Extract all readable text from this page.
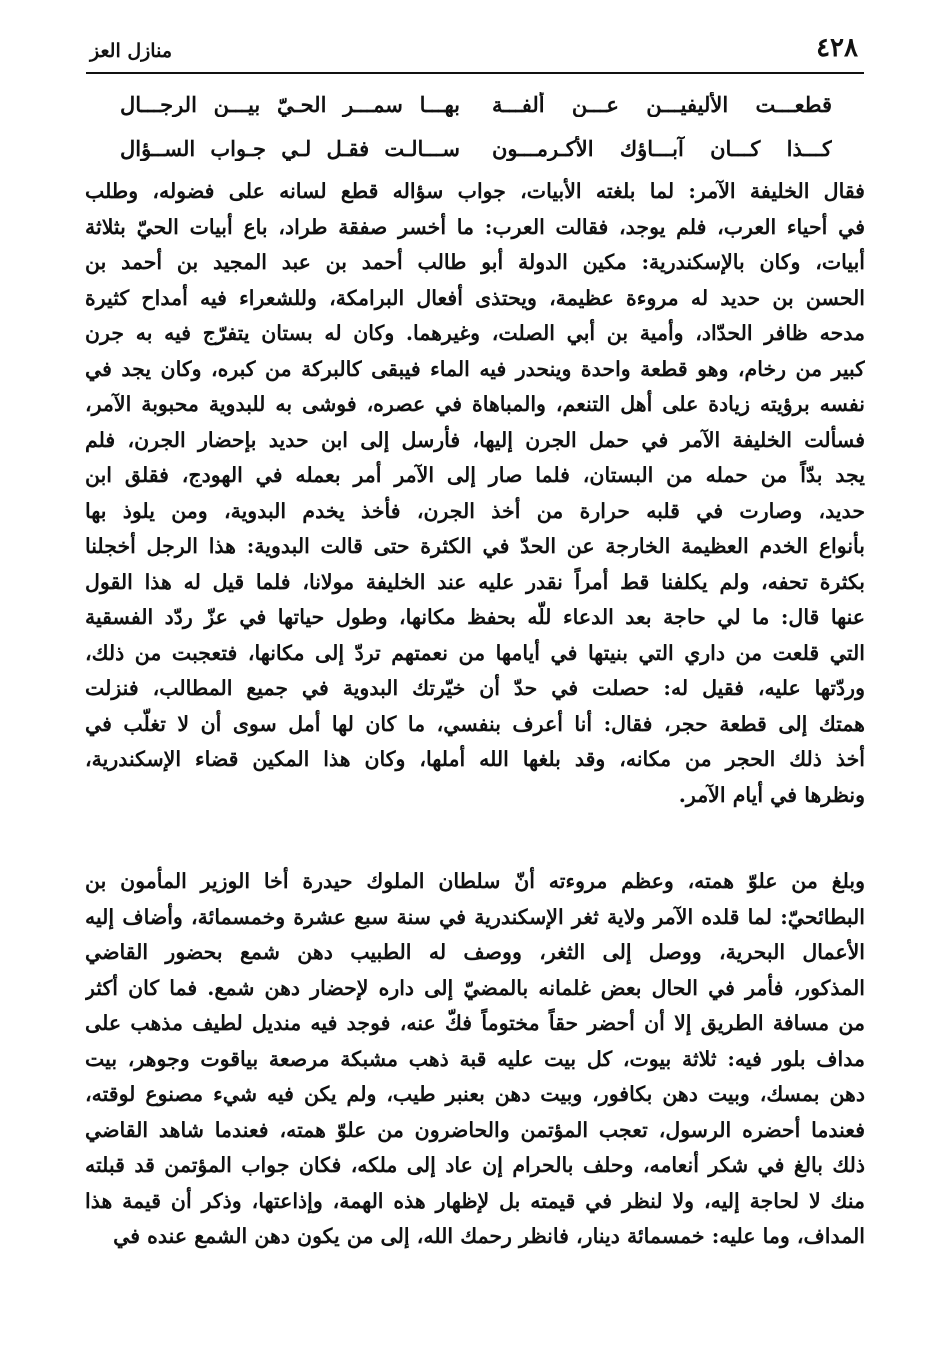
٤٢٨
منازل العز
قطعـــت الأليفيـــن عـــن ألفـــة
بهـــا سمـــر الحـيّ بيـــن الرجـــال
كـــذا كـــان آبـــاؤك الأكـرمـــون
ســـالـت فقـل لـي جـواب الســؤال
فقال الخليفة الآمر: لما بلغته الأبيات، جواب سؤاله قطع لسانه على فضوله، وطلب
في أحياء العرب، فلم يوجد، فقالت العرب: ما أخسر صفقة طراد، باع أبيات الحيّ بثلاثة
أبيات، وكان بالإسكندرية: مكين الدولة أبو طالب أحمد بن عبد المجيد بن أحمد بن
الحسن بن حديد له مروءة عظيمة، ويحتذى أفعال البرامكة، وللشعراء فيه أمداح كثيرة
مدحه ظافر الحدّاد، وأمية بن أبي الصلت، وغيرهما. وكان له بستان يتفرّج فيه به جرن
كبير من رخام، وهو قطعة واحدة وينحدر فيه الماء فيبقى كالبركة من كبره، وكان يجد في
نفسه برؤيته زيادة على أهل التنعم، والمباهاة في عصره، فوشى به للبدوية محبوبة الآمر،
فسألت الخليفة الآمر في حمل الجرن إليها، فأرسل إلى ابن حديد بإحضار الجرن، فلم
يجد بدّاً من حمله من البستان، فلما صار إلى الآمر أمر بعمله في الهودج، فقلق ابن
حديد، وصارت في قلبه حرارة من أخذ الجرن، فأخذ يخدم البدوية، ومن يلوذ بها
بأنواع الخدم العظيمة الخارجة عن الحدّ في الكثرة حتى قالت البدوية: هذا الرجل أخجلنا
بكثرة تحفه، ولم يكلفنا قط أمراً نقدر عليه عند الخليفة مولانا، فلما قيل له هذا القول
عنها قال: ما لي حاجة بعد الدعاء للّه بحفظ مكانها، وطول حياتها في عزّ ردّد الفسقية
التي قلعت من داري التي بنيتها في أيامها من نعمتهم تردّ إلى مكانها، فتعجبت من ذلك،
وردّتها عليه، فقيل له: حصلت في حدّ أن خيّرتك البدوية في جميع المطالب، فنزلت
همتك إلى قطعة حجر، فقال: أنا أعرف بنفسي، ما كان لها أمل سوى أن لا تغلّب في
أخذ ذلك الحجر من مكانه، وقد بلغها الله أملها، وكان هذا المكين قضاء الإسكندرية،
ونظرها في أيام الآمر.
وبلغ من علوّ همته، وعظم مروءته أنّ سلطان الملوك حيدرة أخا الوزير المأمون بن
البطائحيّ: لما قلده الآمر ولاية ثغر الإسكندرية في سنة سبع عشرة وخمسمائة، وأضاف إليه
الأعمال البحرية، ووصل إلى الثغر، ووصف له الطبيب دهن شمع بحضور القاضي
المذكور، فأمر في الحال بعض غلمانه بالمضيّ إلى داره لإحضار دهن شمع. فما كان أكثر
من مسافة الطريق إلا أن أحضر حقاً مختوماً فكّ عنه، فوجد فيه منديل لطيف مذهب على
مداف بلور فيه: ثلاثة بيوت، كل بيت عليه قبة ذهب مشبكة مرصعة بياقوت وجوهر، بيت
دهن بمسك، وبيت دهن بكافور، وبيت دهن بعنبر طيب، ولم يكن فيه شيء مصنوع لوقته،
فعندما أحضره الرسول، تعجب المؤتمن والحاضرون من علوّ همته، فعندما شاهد القاضي
ذلك بالغ في شكر أنعامه، وحلف بالحرام إن عاد إلى ملكه، فكان جواب المؤتمن قد قبلته
منك لا لحاجة إليه، ولا لنظر في قيمته بل لإظهار هذه الهمة، وإذاعتها، وذكر أن قيمة هذا
المداف، وما عليه: خمسمائة دينار، فانظر رحمك الله، إلى من يكون دهن الشمع عنده في
